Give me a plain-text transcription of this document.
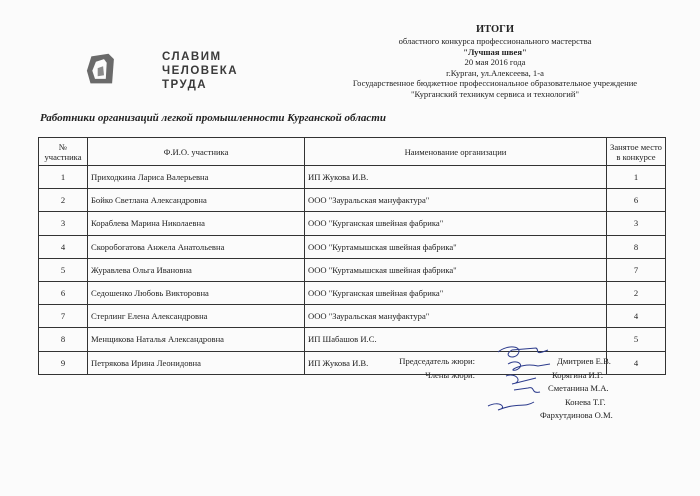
СЛАВИМ
ЧЕЛОВЕКА
ТРУДА
ИТОГИ
областного конкурса профессионального мастерства
"Лучшая швея"
20 мая 2016 года
г.Курган, ул.Алексеева, 1-а
Государственное бюджетное профессиональное образовательное учреждение
"Курганский техникум сервиса и технологий"
Работники организаций легкой промышленности Курганской области
№ участника	Ф.И.О. участника	Наименование организации	Занятое место в конкурсе
1	Приходкина Лариса Валерьевна	ИП Жукова И.В.	1
2	Бойко Светлана Александровна	ООО "Зауральская мануфактура"	6
3	Кораблева Марина Николаевна	ООО "Курганская швейная фабрика"	3
4	Скоробогатова Анжела Анатольевна	ООО "Куртамышская швейная фабрика"	8
5	Журавлева Ольга Ивановна	ООО "Куртамышская швейная фабрика"	7
6	Седошенко Любовь Викторовна	ООО "Курганская швейная фабрика"	2
7	Стерлинг Елена Александровна	ООО "Зауральская мануфактура"	4
8	Менщикова Наталья Александровна	ИП Шабашов И.С.	5
9	Петрякова Ирина Леонидовна	ИП Жукова И.В.	4
Председатель жюри:	Дмитриев Е.В.
Члены жюри:	Корягина И.Г.
Сметанина М.А.
Конева Т.Г.
Фархутдинова О.М.
